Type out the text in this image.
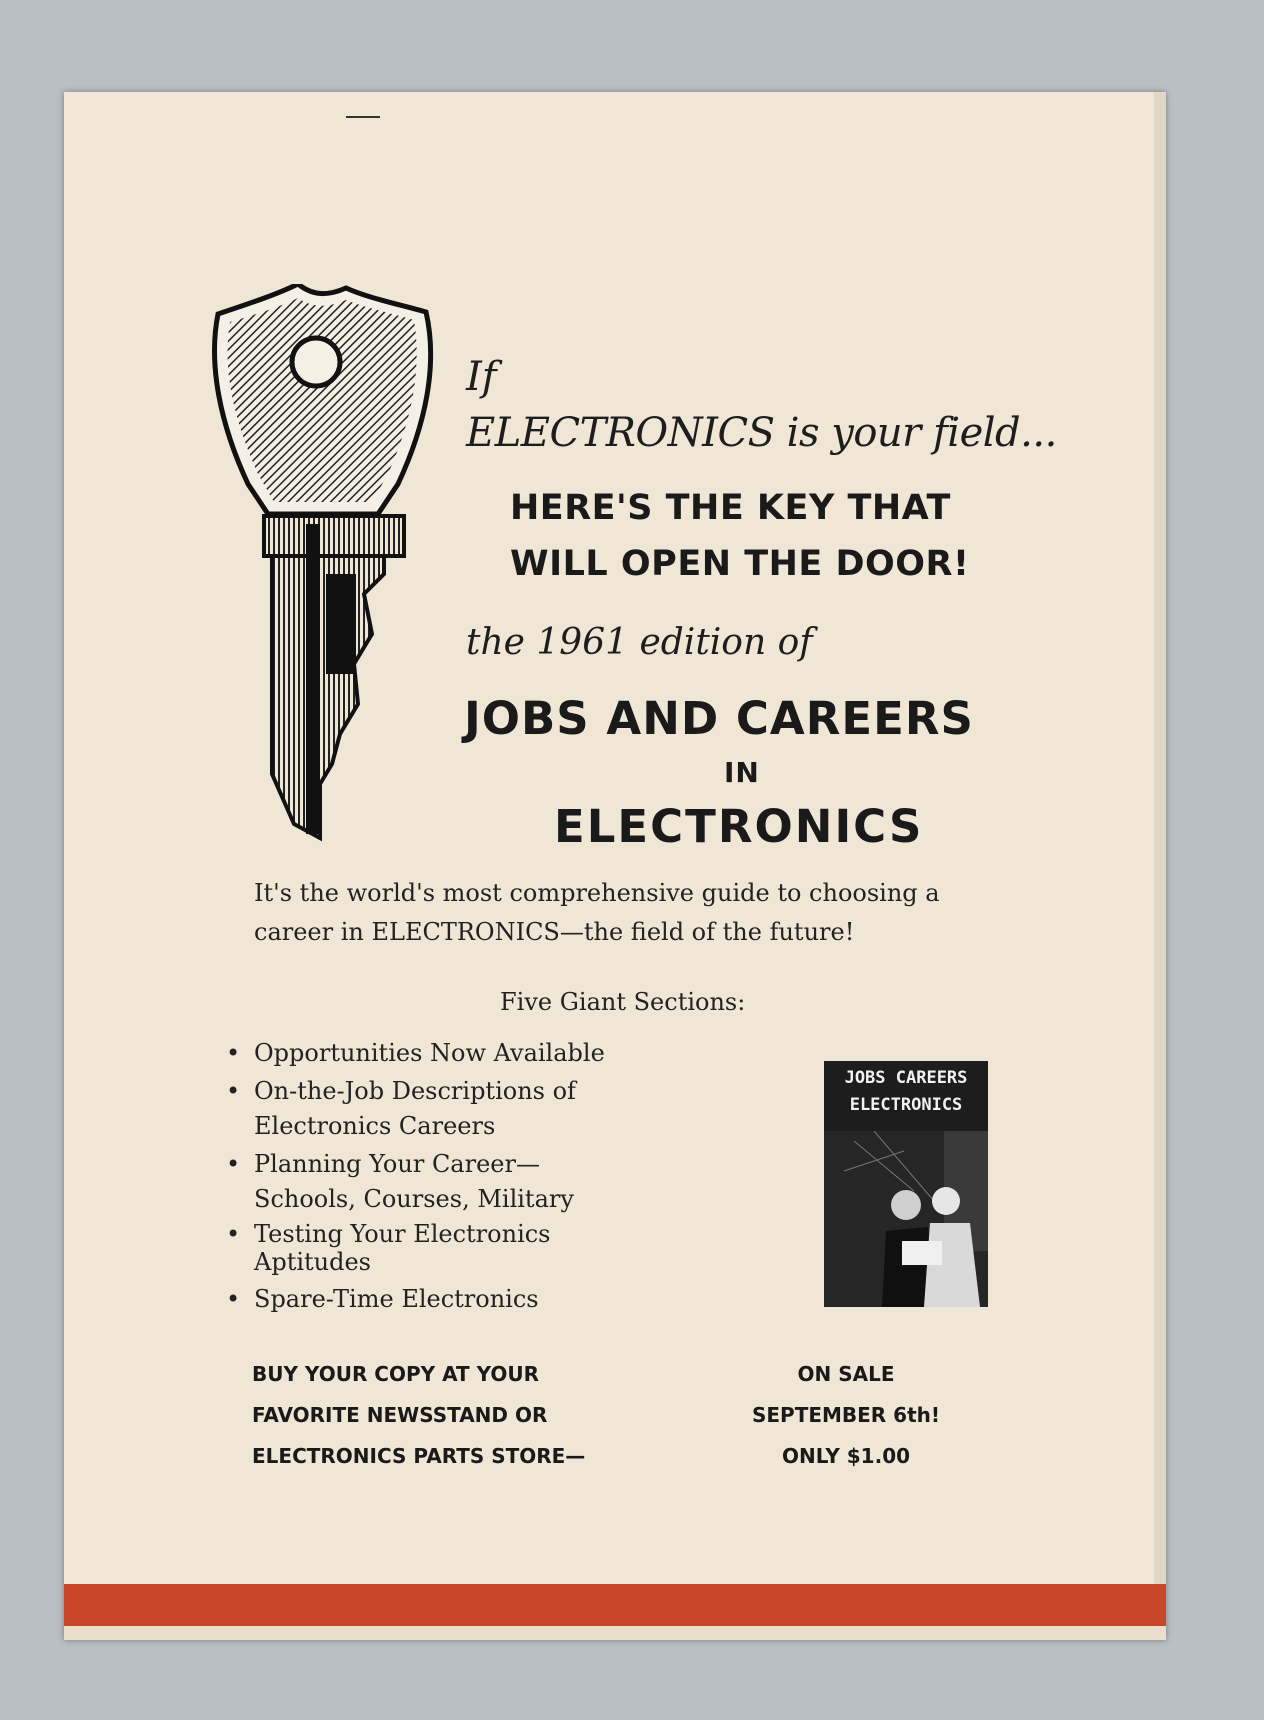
If
ELECTRONICS is your field...
HERE'S THE KEY THAT
WILL OPEN THE DOOR!
the 1961 edition of
JOBS AND CAREERS
IN
ELECTRONICS
It's the world's most comprehensive guide to choosing a
career in ELECTRONICS—the field of the future!
Five Giant Sections:
• Opportunities Now Available
• On-the-Job Descriptions of
Electronics Careers
• Planning Your Career—
Schools, Courses, Military
• Testing Your Electronics
Aptitudes
• Spare-Time Electronics
JOBS CAREERS
ELECTRONICS
BUY YOUR COPY AT YOUR
FAVORITE NEWSSTAND OR
ELECTRONICS PARTS STORE—
ON SALE
SEPTEMBER 6th!
ONLY $1.00
